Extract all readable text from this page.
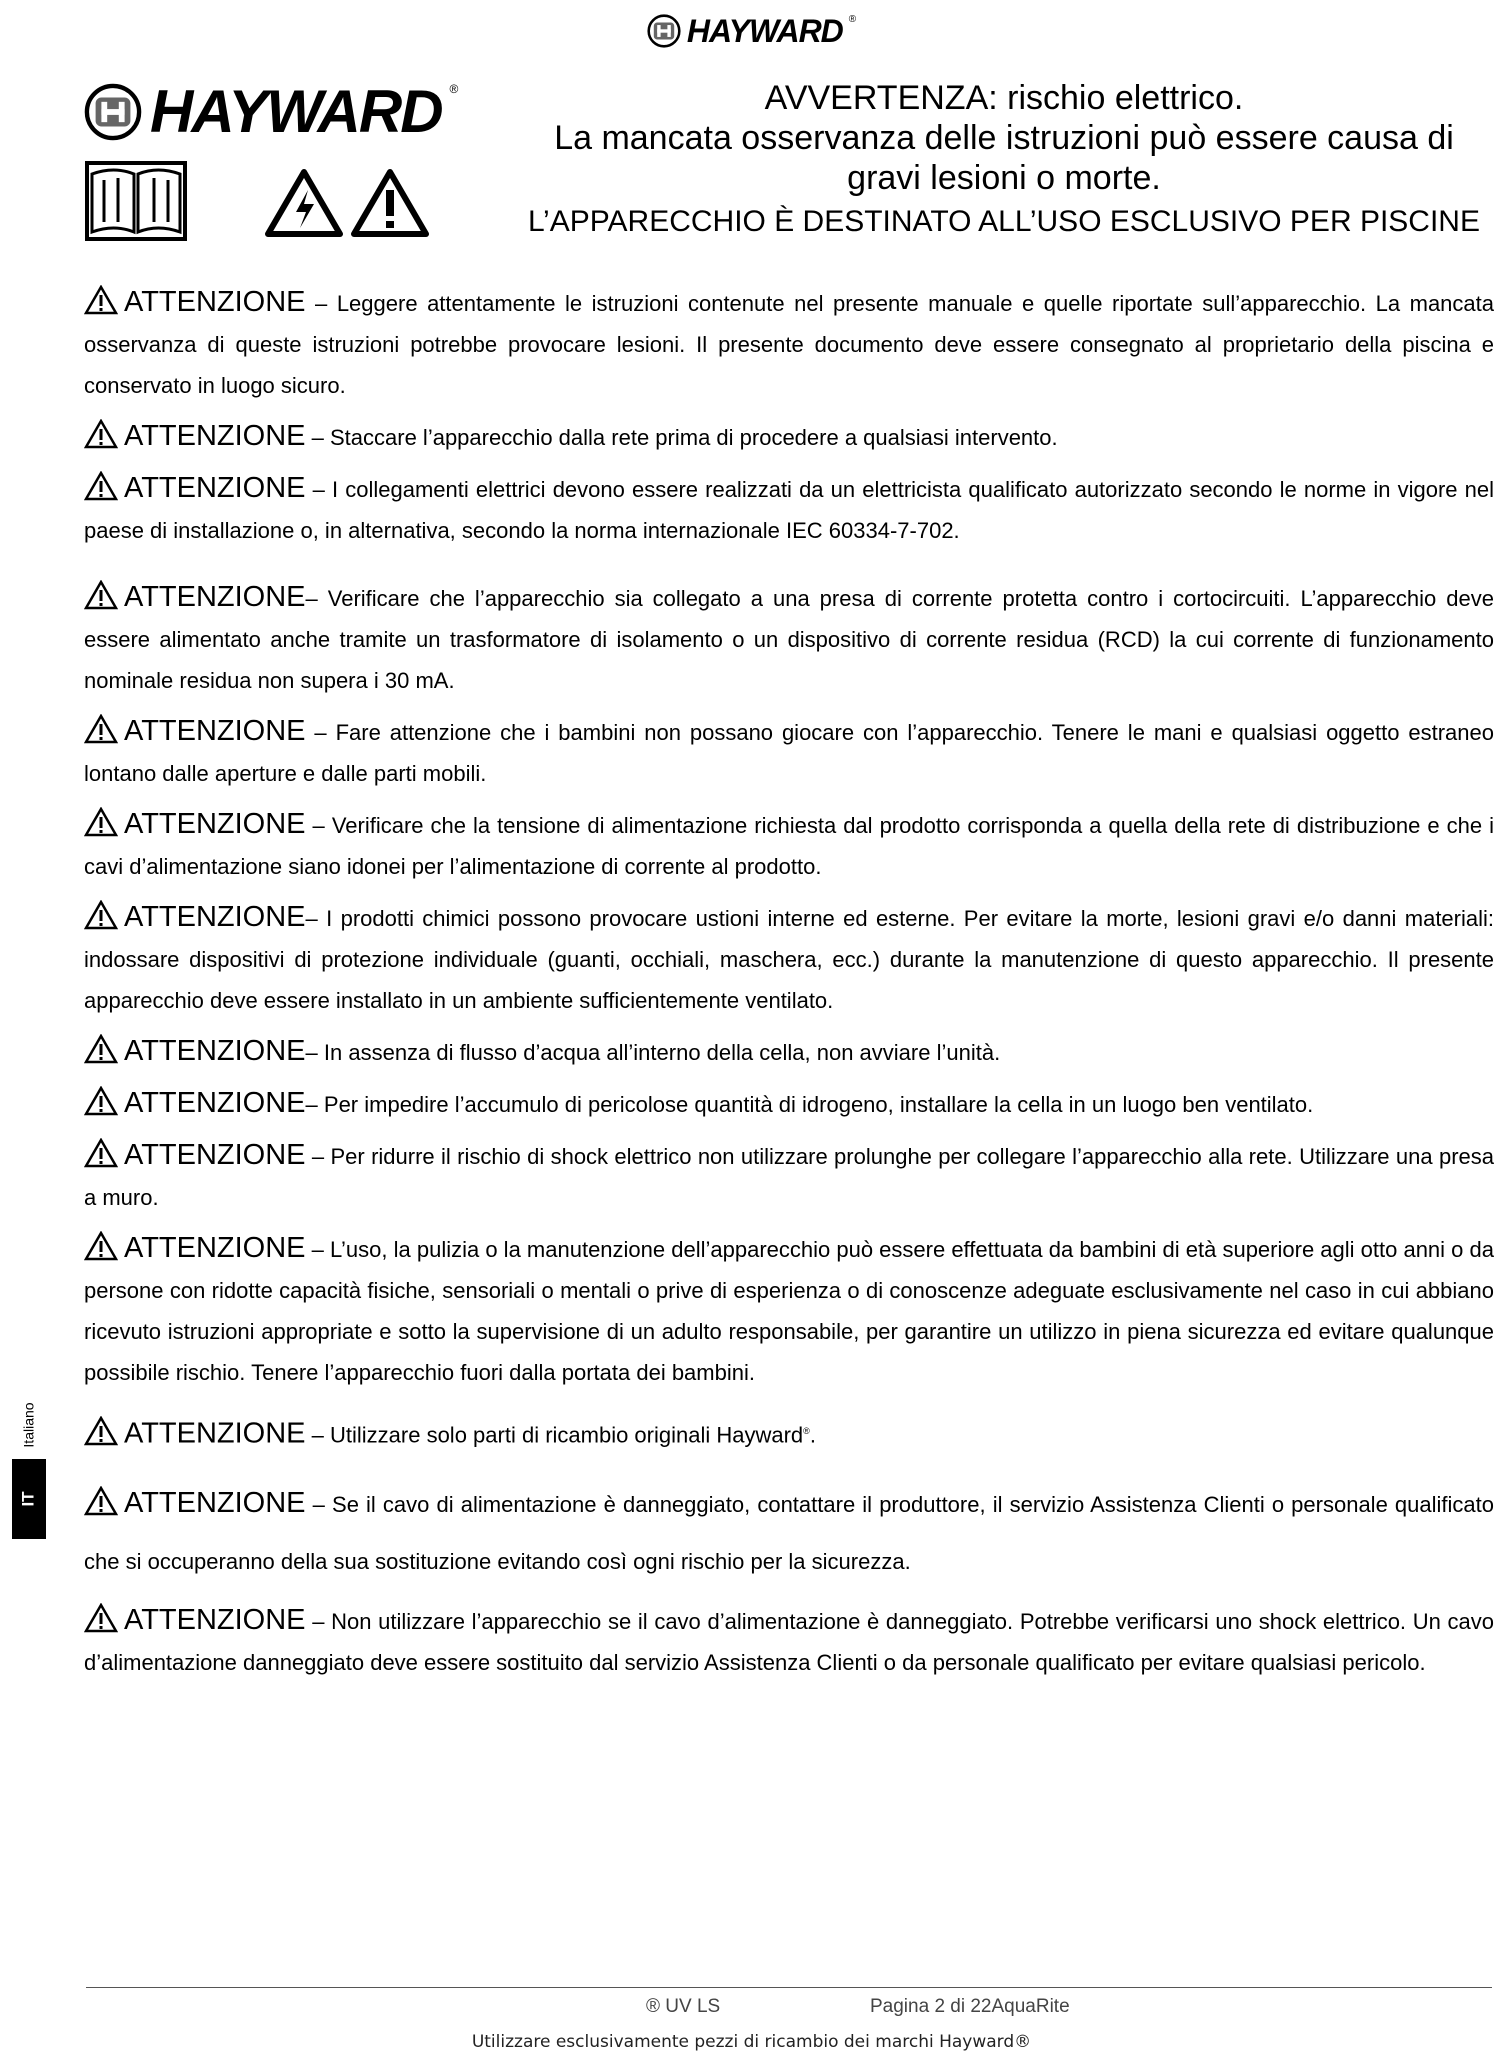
HAYWARD ®
HAYWARD ®	AVVERTENZA: rischio elettrico.
La mancata osservanza delle istruzioni può essere causa di
gravi lesioni o morte.
L’APPARECCHIO È DESTINATO ALL’USO ESCLUSIVO PER PISCINE

ATTENZIONE – Leggere attentamente le istruzioni contenute nel presente manuale e quelle riportate sull’apparecchio. La mancata osservanza di queste istruzioni potrebbe provocare lesioni. Il presente documento deve essere consegnato al proprietario della piscina e conservato in luogo sicuro.

ATTENZIONE – Staccare l’apparecchio dalla rete prima di procedere a qualsiasi intervento.

ATTENZIONE – I collegamenti elettrici devono essere realizzati da un elettricista qualificato autorizzato secondo le norme in vigore nel paese di installazione o, in alternativa, secondo la norma internazionale IEC 60334-7-702.

ATTENZIONE– Verificare che l’apparecchio sia collegato a una presa di corrente protetta contro i cortocircuiti. L’apparecchio deve essere alimentato anche tramite un trasformatore di isolamento o un dispositivo di corrente residua (RCD) la cui corrente di funzionamento nominale residua non supera i 30 mA.

ATTENZIONE – Fare attenzione che i bambini non possano giocare con l’apparecchio. Tenere le mani e qualsiasi oggetto estraneo lontano dalle aperture e dalle parti mobili.

ATTENZIONE – Verificare che la tensione di alimentazione richiesta dal prodotto corrisponda a quella della rete di distribuzione e che i cavi d’alimentazione siano idonei per l’alimentazione di corrente al prodotto.

ATTENZIONE– I prodotti chimici possono provocare ustioni interne ed esterne. Per evitare la morte, lesioni gravi e/o danni materiali: indossare dispositivi di protezione individuale (guanti, occhiali, maschera, ecc.) durante la manutenzione di questo apparecchio. Il presente apparecchio deve essere installato in un ambiente sufficientemente ventilato.

ATTENZIONE– In assenza di flusso d’acqua all’interno della cella, non avviare l’unità.

ATTENZIONE– Per impedire l’accumulo di pericolose quantità di idrogeno, installare la cella in un luogo ben ventilato.

ATTENZIONE – Per ridurre il rischio di shock elettrico non utilizzare prolunghe per collegare l’apparecchio alla rete. Utilizzare una presa a muro.

ATTENZIONE – L’uso, la pulizia o la manutenzione dell’apparecchio può essere effettuata da bambini di età superiore agli otto anni o da persone con ridotte capacità fisiche, sensoriali o mentali o prive di esperienza o di conoscenze adeguate esclusivamente nel caso in cui abbiano ricevuto istruzioni appropriate e sotto la supervisione di un adulto responsabile, per garantire un utilizzo in piena sicurezza ed evitare qualunque possibile rischio. Tenere l’apparecchio fuori dalla portata dei bambini.

ATTENZIONE – Utilizzare solo parti di ricambio originali Hayward®.

ATTENZIONE – Se il cavo di alimentazione è danneggiato, contattare il produttore, il servizio Assistenza Clienti o personale qualificato che si occuperanno della sua sostituzione evitando così ogni rischio per la sicurezza.

ATTENZIONE – Non utilizzare l’apparecchio se il cavo d’alimentazione è danneggiato. Potrebbe verificarsi uno shock elettrico. Un cavo d’alimentazione danneggiato deve essere sostituito dal servizio Assistenza Clienti o da personale qualificato per evitare qualsiasi pericolo.

Italiano
IT
® UV LS	Pagina 2 di 22AquaRite
Utilizzare esclusivamente pezzi di ricambio dei marchi Hayward®
